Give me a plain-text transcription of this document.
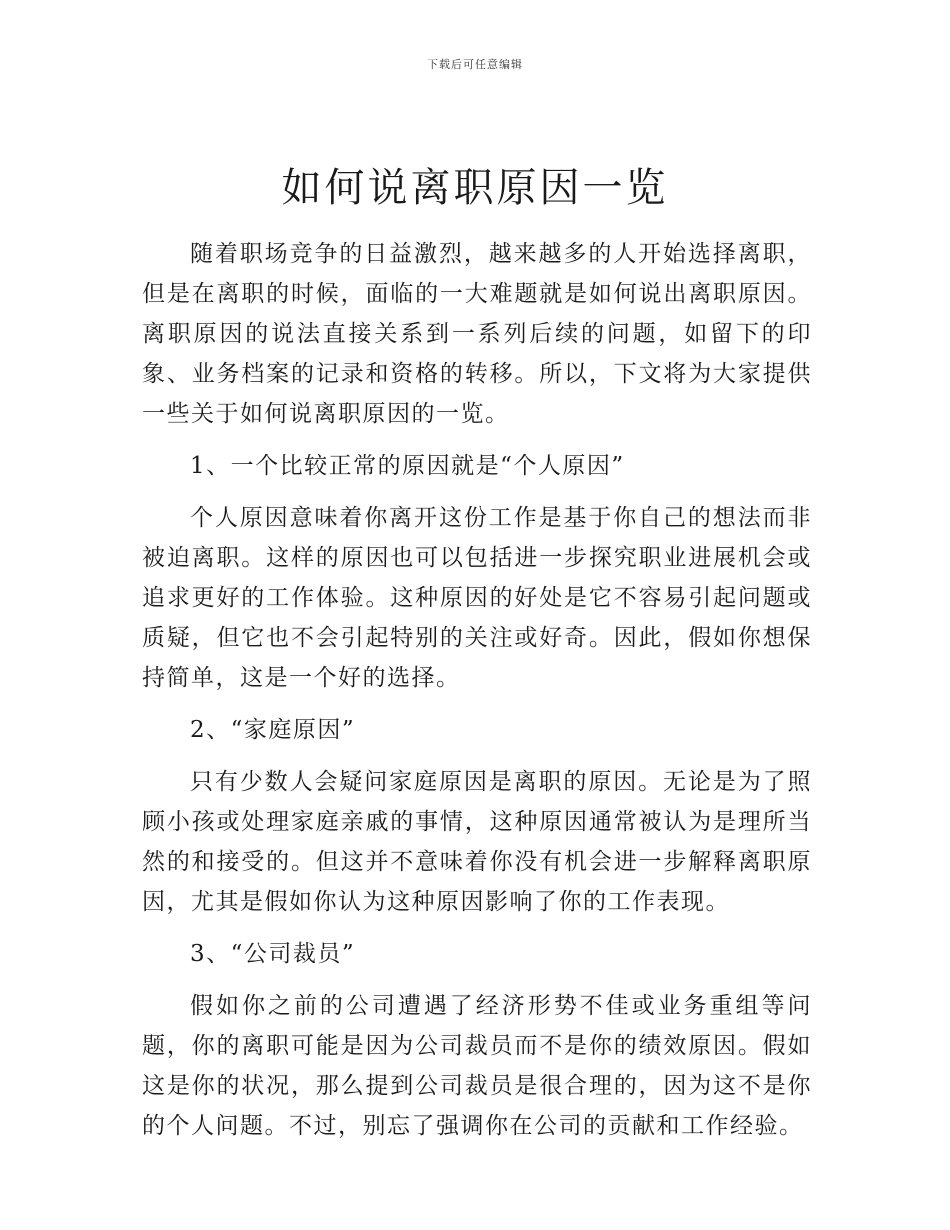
下载后可任意编辑
如何说离职原因一览

随着职场竞争的日益激烈，越来越多的人开始选择离职，但是在离职的时候，面临的一大难题就是如何说出离职原因。离职原因的说法直接关系到一系列后续的问题，如留下的印象、业务档案的记录和资格的转移。所以，下文将为大家提供一些关于如何说离职原因的一览。

1、一个比较正常的原因就是“个人原因”

个人原因意味着你离开这份工作是基于你自己的想法而非被迫离职。这样的原因也可以包括进一步探究职业进展机会或追求更好的工作体验。这种原因的好处是它不容易引起问题或质疑，但它也不会引起特别的关注或好奇。因此，假如你想保持简单，这是一个好的选择。

2、“家庭原因”

只有少数人会疑问家庭原因是离职的原因。无论是为了照顾小孩或处理家庭亲戚的事情，这种原因通常被认为是理所当然的和接受的。但这并不意味着你没有机会进一步解释离职原因，尤其是假如你认为这种原因影响了你的工作表现。

3、“公司裁员”

假如你之前的公司遭遇了经济形势不佳或业务重组等问题，你的离职可能是因为公司裁员而不是你的绩效原因。假如这是你的状况，那么提到公司裁员是很合理的，因为这不是你的个人问题。不过，别忘了强调你在公司的贡献和工作经验。
